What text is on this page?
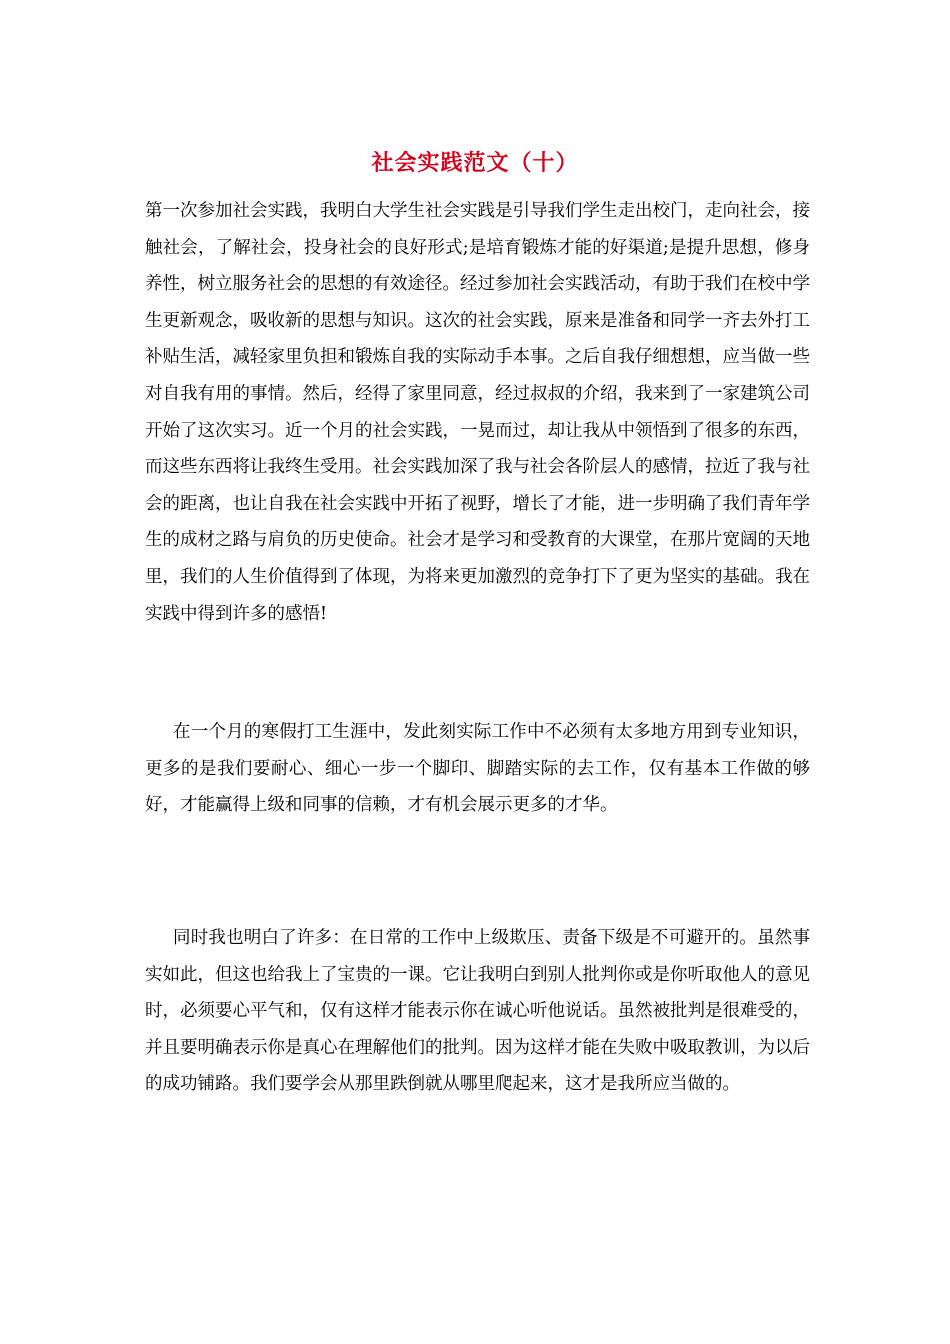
社会实践范文（十）

第一次参加社会实践，我明白大学生社会实践是引导我们学生走出校门，走向社会，接触社会，了解社会，投身社会的良好形式;是培育锻炼才能的好渠道;是提升思想，修身养性，树立服务社会的思想的有效途径。经过参加社会实践活动，有助于我们在校中学生更新观念，吸收新的思想与知识。这次的社会实践，原来是准备和同学一齐去外打工补贴生活，减轻家里负担和锻炼自我的实际动手本事。之后自我仔细想想，应当做一些对自我有用的事情。然后，经得了家里同意，经过叔叔的介绍，我来到了一家建筑公司开始了这次实习。近一个月的社会实践，一晃而过，却让我从中领悟到了很多的东西，而这些东西将让我终生受用。社会实践加深了我与社会各阶层人的感情，拉近了我与社会的距离，也让自我在社会实践中开拓了视野，增长了才能，进一步明确了我们青年学生的成材之路与肩负的历史使命。社会才是学习和受教育的大课堂，在那片宽阔的天地里，我们的人生价值得到了体现，为将来更加激烈的竞争打下了更为坚实的基础。我在实践中得到许多的感悟!

在一个月的寒假打工生涯中，发此刻实际工作中不必须有太多地方用到专业知识，更多的是我们要耐心、细心一步一个脚印、脚踏实际的去工作，仅有基本工作做的够好，才能赢得上级和同事的信赖，才有机会展示更多的才华。

同时我也明白了许多：在日常的工作中上级欺压、责备下级是不可避开的。虽然事实如此，但这也给我上了宝贵的一课。它让我明白到别人批判你或是你听取他人的意见时，必须要心平气和，仅有这样才能表示你在诚心听他说话。虽然被批判是很难受的，并且要明确表示你是真心在理解他们的批判。因为这样才能在失败中吸取教训，为以后的成功铺路。我们要学会从那里跌倒就从哪里爬起来，这才是我所应当做的。
